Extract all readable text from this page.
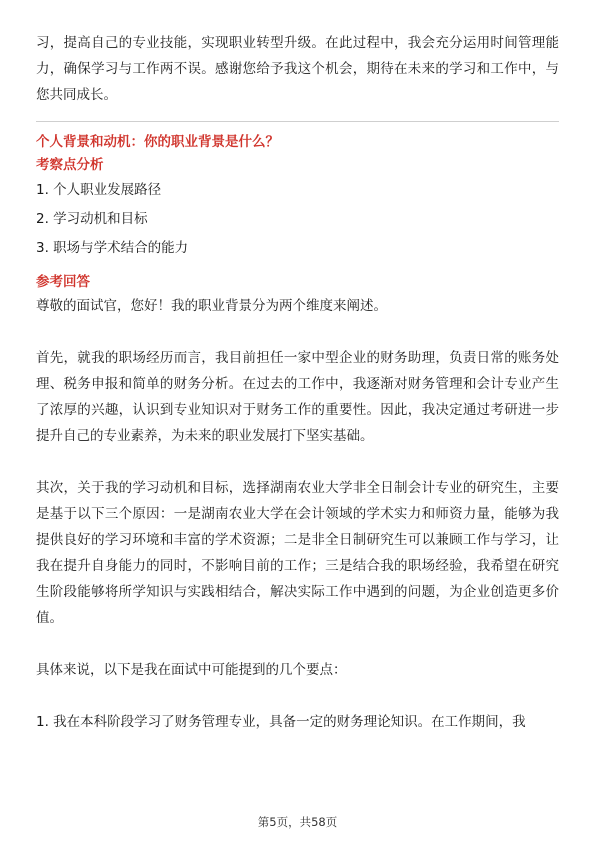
习，提高自己的专业技能，实现职业转型升级。在此过程中，我会充分运用时间管理能力，确保学习与工作两不误。感谢您给予我这个机会，期待在未来的学习和工作中，与您共同成长。

个人背景和动机：你的职业背景是什么？

考察点分析

1. 个人职业发展路径

2. 学习动机和目标

3. 职场与学术结合的能力

参考回答

尊敬的面试官，您好！我的职业背景分为两个维度来阐述。

首先，就我的职场经历而言，我目前担任一家中型企业的财务助理，负责日常的账务处理、税务申报和简单的财务分析。在过去的工作中，我逐渐对财务管理和会计专业产生了浓厚的兴趣，认识到专业知识对于财务工作的重要性。因此，我决定通过考研进一步提升自己的专业素养，为未来的职业发展打下坚实基础。

其次，关于我的学习动机和目标，选择湖南农业大学非全日制会计专业的研究生，主要是基于以下三个原因：一是湖南农业大学在会计领域的学术实力和师资力量，能够为我提供良好的学习环境和丰富的学术资源；二是非全日制研究生可以兼顾工作与学习，让我在提升自身能力的同时，不影响目前的工作；三是结合我的职场经验，我希望在研究生阶段能够将所学知识与实践相结合，解决实际工作中遇到的问题，为企业创造更多价值。

具体来说，以下是我在面试中可能提到的几个要点：

1. 我在本科阶段学习了财务管理专业，具备一定的财务理论知识。在工作期间，我

第5页，共58页
